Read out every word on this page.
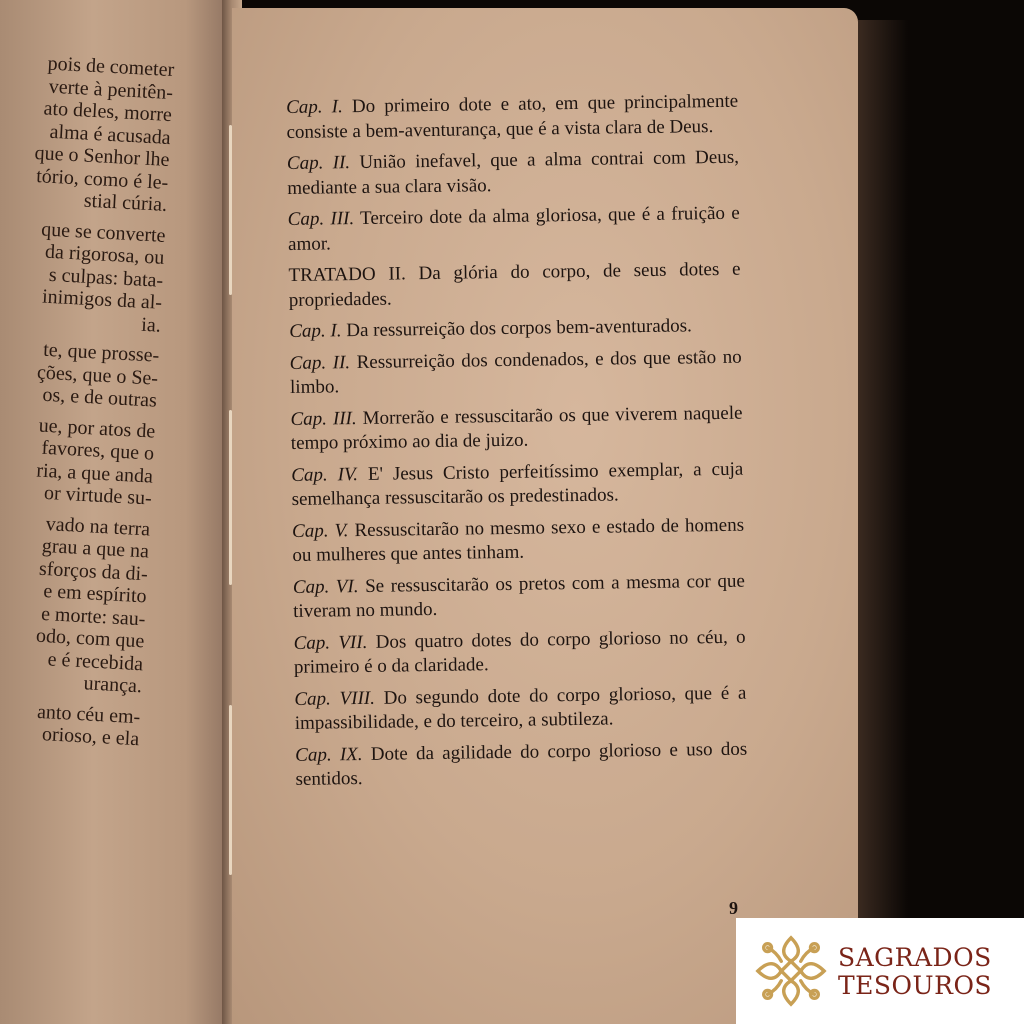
pois de cometer
verte à penitên-
ato deles, morre
alma é acusada
que o Senhor lhe
tório, como é le-
stial cúria.
que se converte
da rigorosa, ou
s culpas: bata-
inimigos da al-
ia.
te, que prosse-
ções, que o Se-
os, e de outras
ue, por atos de
favores, que o
ria, a que anda
or virtude su-
vado na terra
grau a que na
sforços da di-
e em espírito
e morte: sau-
odo, com que
e é recebida
urança.
anto céu em-
orioso, e ela
Cap. I. Do primeiro dote e ato, em que principalmente consiste a bem-aventurança, que é a vista clara de Deus.
Cap. II. União inefavel, que a alma contrai com Deus, mediante a sua clara visão.
Cap. III. Terceiro dote da alma gloriosa, que é a fruição e amor.
TRATADO II. Da glória do corpo, de seus dotes e propriedades.
Cap. I. Da ressurreição dos corpos bem-aventurados.
Cap. II. Ressurreição dos condenados, e dos que estão no limbo.
Cap. III. Morrerão e ressuscitarão os que viverem naquele tempo próximo ao dia de juizo.
Cap. IV. E' Jesus Cristo perfeitíssimo exemplar, a cuja semelhança ressuscitarão os predestinados.
Cap. V. Ressuscitarão no mesmo sexo e estado de homens ou mulheres que antes tinham.
Cap. VI. Se ressuscitarão os pretos com a mesma cor que tiveram no mundo.
Cap. VII. Dos quatro dotes do corpo glorioso no céu, o primeiro é o da claridade.
Cap. VIII. Do segundo dote do corpo glorioso, que é a impassibilidade, e do terceiro, a subtileza.
Cap. IX. Dote da agilidade do corpo glorioso e uso dos sentidos.
9
SAGRADOS
TESOUROS
